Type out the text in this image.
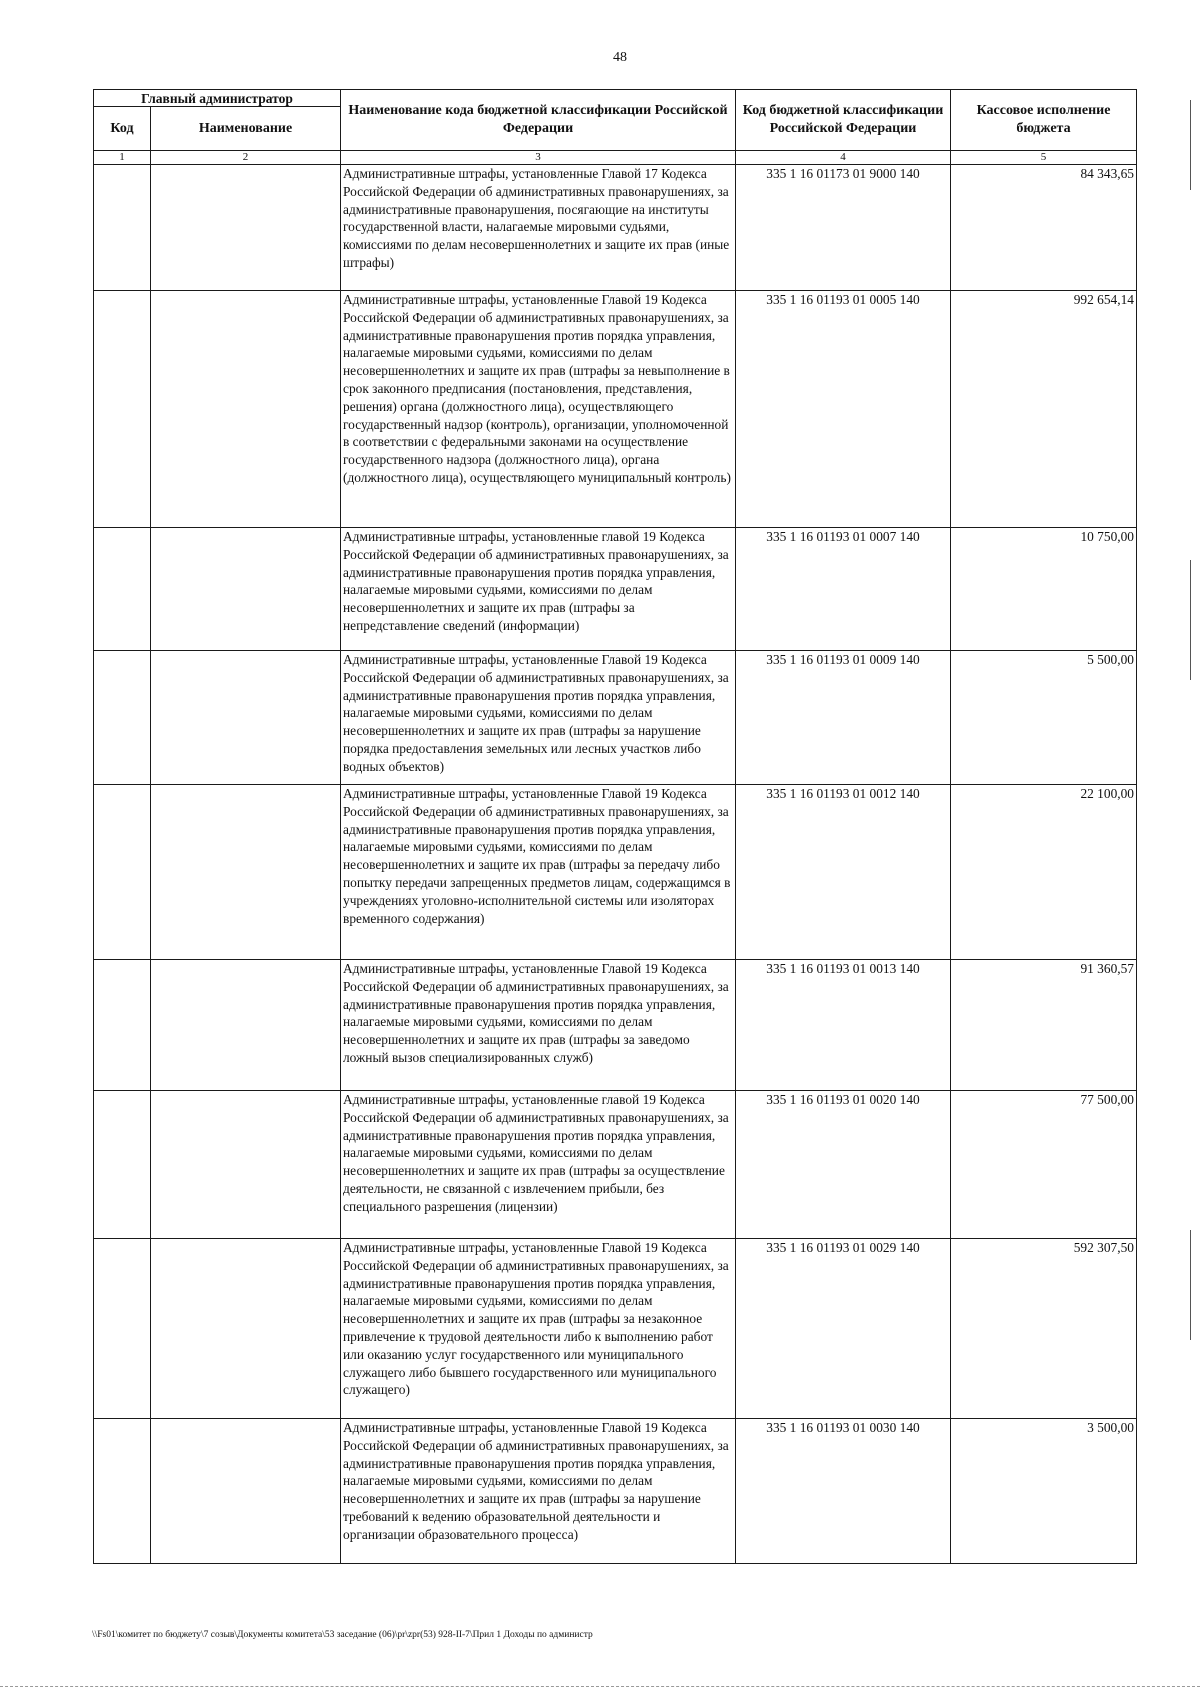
48
Главный администратор		Наименование кода бюджетной классификации Российской Федерации	Код бюджетной классификации Российской Федерации	Кассовое исполнение бюджета
Код	Наименование			
1	2	3	4	5
		Административные штрафы, установленные Главой 17 Кодекса Российской Федерации об административных правонарушениях, за административные правонарушения, посягающие на институты государственной власти, налагаемые мировыми судьями, комиссиями по делам несовершеннолетних и защите их прав (иные штрафы)	335 1 16 01173 01 9000 140	84 343,65
		Административные штрафы, установленные Главой 19 Кодекса Российской Федерации об административных правонарушениях, за административные правонарушения против порядка управления, налагаемые мировыми судьями, комиссиями по делам несовершеннолетних и защите их прав (штрафы за невыполнение в срок законного предписания (постановления, представления, решения) органа (должностного лица), осуществляющего государственный надзор (контроль), организации, уполномоченной в соответствии с федеральными законами на осуществление государственного надзора (должностного лица), органа (должностного лица), осуществляющего муниципальный контроль)	335 1 16 01193 01 0005 140	992 654,14
		Административные штрафы, установленные главой 19 Кодекса Российской Федерации об административных правонарушениях, за административные правонарушения против порядка управления, налагаемые мировыми судьями, комиссиями по делам несовершеннолетних и защите их прав (штрафы за непредставление сведений (информации)	335 1 16 01193 01 0007 140	10 750,00
		Административные штрафы, установленные Главой 19 Кодекса Российской Федерации об административных правонарушениях, за административные правонарушения против порядка управления, налагаемые мировыми судьями, комиссиями по делам несовершеннолетних и защите их прав (штрафы за нарушение порядка предоставления земельных или лесных участков либо водных объектов)	335 1 16 01193 01 0009 140	5 500,00
		Административные штрафы, установленные Главой 19 Кодекса Российской Федерации об административных правонарушениях, за административные правонарушения против порядка управления, налагаемые мировыми судьями, комиссиями по делам несовершеннолетних и защите их прав (штрафы за передачу либо попытку передачи запрещенных предметов лицам, содержащимся в учреждениях уголовно-исполнительной системы или изоляторах временного содержания)	335 1 16 01193 01 0012 140	22 100,00
		Административные штрафы, установленные Главой 19 Кодекса Российской Федерации об административных правонарушениях, за административные правонарушения против порядка управления, налагаемые мировыми судьями, комиссиями по делам несовершеннолетних и защите их прав (штрафы за заведомо ложный вызов специализированных служб)	335 1 16 01193 01 0013 140	91 360,57
		Административные штрафы, установленные главой 19 Кодекса Российской Федерации об административных правонарушениях, за административные правонарушения против порядка управления, налагаемые мировыми судьями, комиссиями по делам несовершеннолетних и защите их прав (штрафы за осуществление деятельности, не связанной с извлечением прибыли, без специального разрешения (лицензии)	335 1 16 01193 01 0020 140	77 500,00
		Административные штрафы, установленные Главой 19 Кодекса Российской Федерации об административных правонарушениях, за административные правонарушения против порядка управления, налагаемые мировыми судьями, комиссиями по делам несовершеннолетних и защите их прав (штрафы за незаконное привлечение к трудовой деятельности либо к выполнению работ или оказанию услуг государственного или муниципального служащего либо бывшего государственного или муниципального служащего)	335 1 16 01193 01 0029 140	592 307,50
		Административные штрафы, установленные Главой 19 Кодекса Российской Федерации об административных правонарушениях, за административные правонарушения против порядка управления, налагаемые мировыми судьями, комиссиями по делам несовершеннолетних и защите их прав (штрафы за нарушение требований к ведению образовательной деятельности и организации образовательного процесса)	335 1 16 01193 01 0030 140	3 500,00
\\Fs01\комитет по бюджету\7 созыв\Документы комитета\53 заседание (06)\pr\zpr(53) 928-II-7\Прил 1 Доходы по администр
